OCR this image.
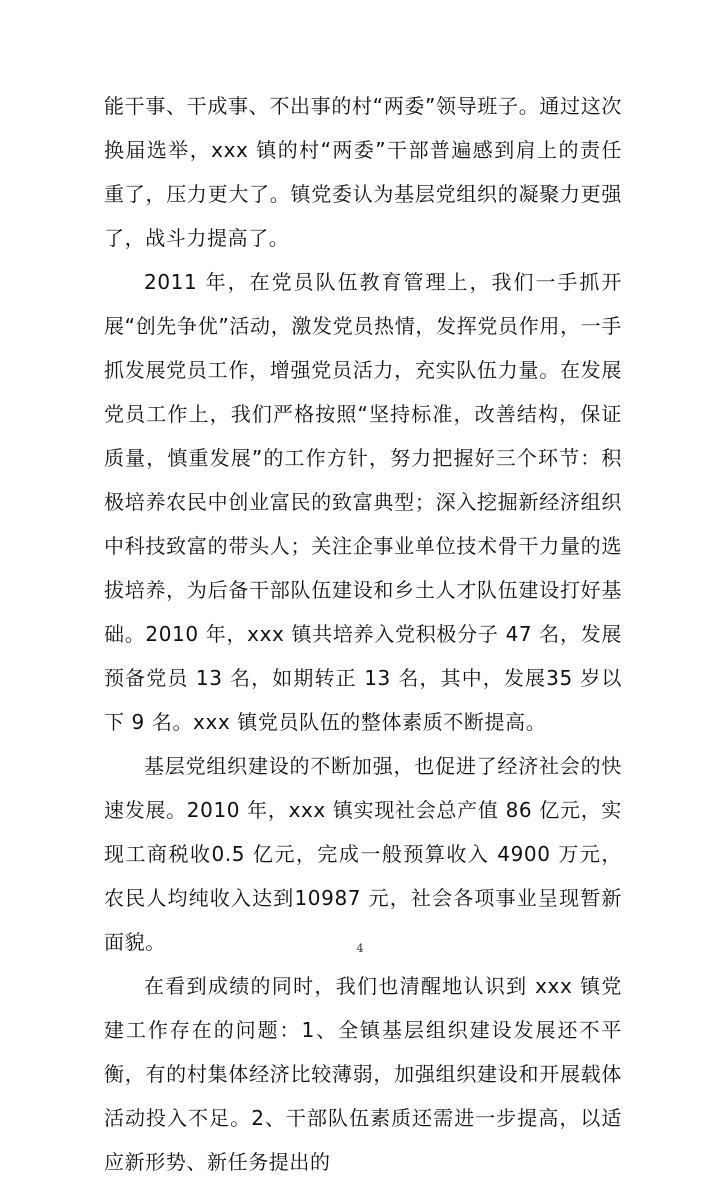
能干事、干成事、不出事的村“两委”领导班子。通过这次换届选举，xxx 镇的村“两委”干部普遍感到肩上的责任重了，压力更大了。镇党委认为基层党组织的凝聚力更强了，战斗力提高了。

2011 年，在党员队伍教育管理上，我们一手抓开展“创先争优”活动，激发党员热情，发挥党员作用，一手抓发展党员工作，增强党员活力，充实队伍力量。在发展党员工作上，我们严格按照“坚持标准，改善结构，保证质量，慎重发展”的工作方针，努力把握好三个环节：积极培养农民中创业富民的致富典型；深入挖掘新经济组织中科技致富的带头人；关注企事业单位技术骨干力量的选拔培养，为后备干部队伍建设和乡土人才队伍建设打好基础。2010 年，xxx 镇共培养入党积极分子 47 名，发展预备党员 13 名，如期转正 13 名，其中，发展35 岁以下 9 名。xxx 镇党员队伍的整体素质不断提高。

基层党组织建设的不断加强，也促进了经济社会的快速发展。2010 年，xxx 镇实现社会总产值 86 亿元，实现工商税收0.5 亿元，完成一般预算收入 4900 万元，农民人均纯收入达到10987 元，社会各项事业呈现暂新面貌。

在看到成绩的同时，我们也清醒地认识到 xxx 镇党建工作存在的问题：1、全镇基层组织建设发展还不平衡，有的村集体经济比较薄弱，加强组织建设和开展载体活动投入不足。2、干部队伍素质还需进一步提高，以适应新形势、新任务提出的

4
